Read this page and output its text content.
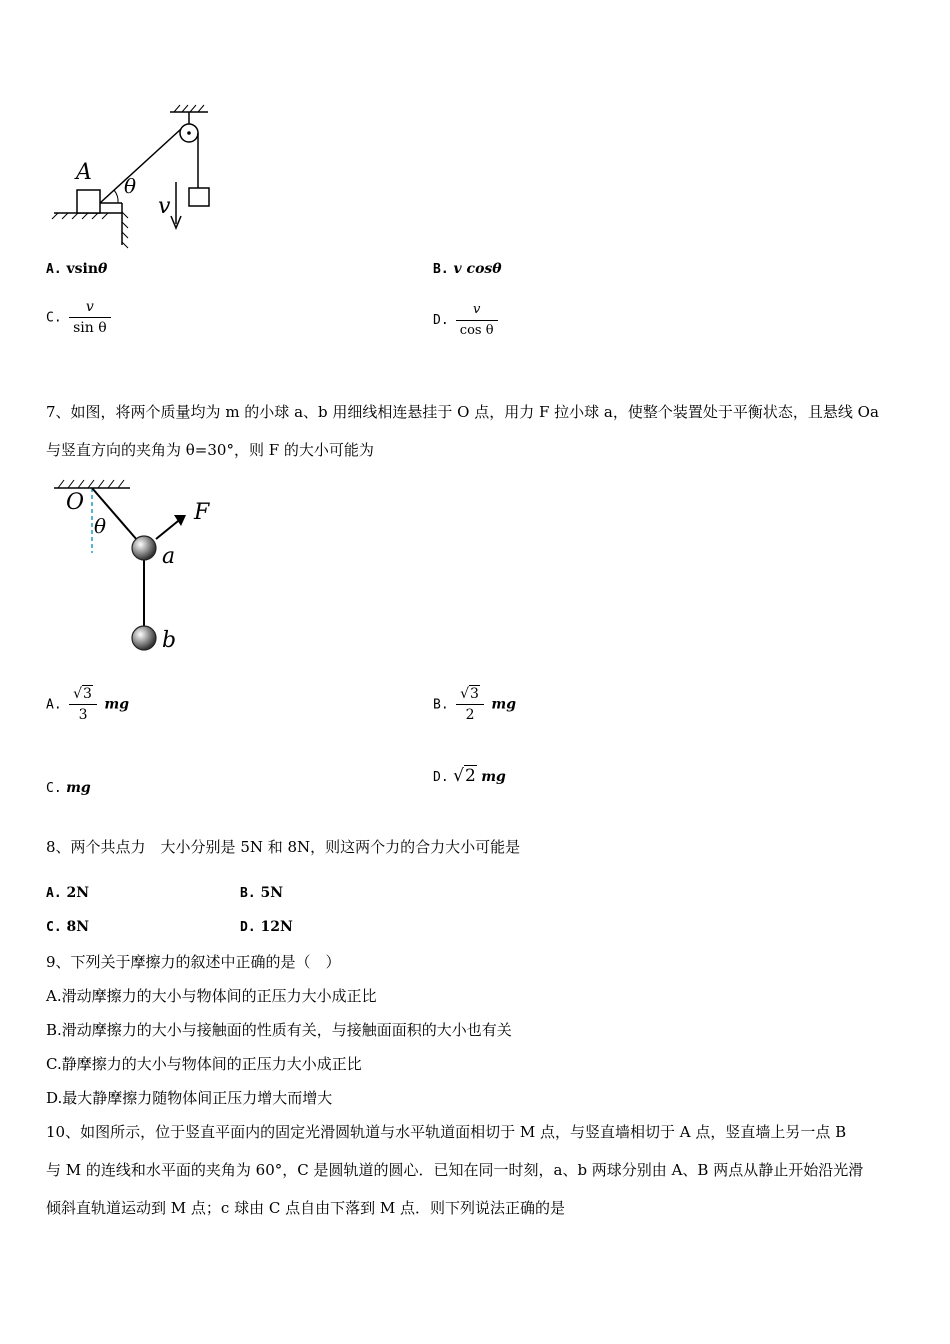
A
θ
v
A. vsinθ	B. v cosθ
C. $\frac{v}{\text{sin θ}}$	D. $\frac{v}{\text{cos θ}}$
7、如图，将两个质量均为 m 的小球 a、b 用细线相连悬挂于 O 点，用力 F 拉小球 a，使整个装置处于平衡状态，且悬线 Oa
与竖直方向的夹角为 θ=30°，则 F 的大小可能为
O
θ
F
a
b
A. $\frac{√3}{3}$ mg	B. $\frac{√3}{2}$ mg
C. mg
D. √2 mg
8、两个共点力　大小分别是 5N 和 8N，则这两个力的合力大小可能是
A. 2N	B. 5N
C. 8N	D. 12N
9、下列关于摩擦力的叙述中正确的是（　）
A.滑动摩擦力的大小与物体间的正压力大小成正比
B.滑动摩擦力的大小与接触面的性质有关，与接触面面积的大小也有关
C.静摩擦力的大小与物体间的正压力大小成正比
D.最大静摩擦力随物体间正压力增大而增大
10、如图所示，位于竖直平面内的固定光滑圆轨道与水平轨道面相切于 M 点，与竖直墙相切于 A 点，竖直墙上另一点 B
与 M 的连线和水平面的夹角为 60°，C 是圆轨道的圆心．已知在同一时刻，a、b 两球分别由 A、B 两点从静止开始沿光滑
倾斜直轨道运动到 M 点；c 球由 C 点自由下落到 M 点．则下列说法正确的是
